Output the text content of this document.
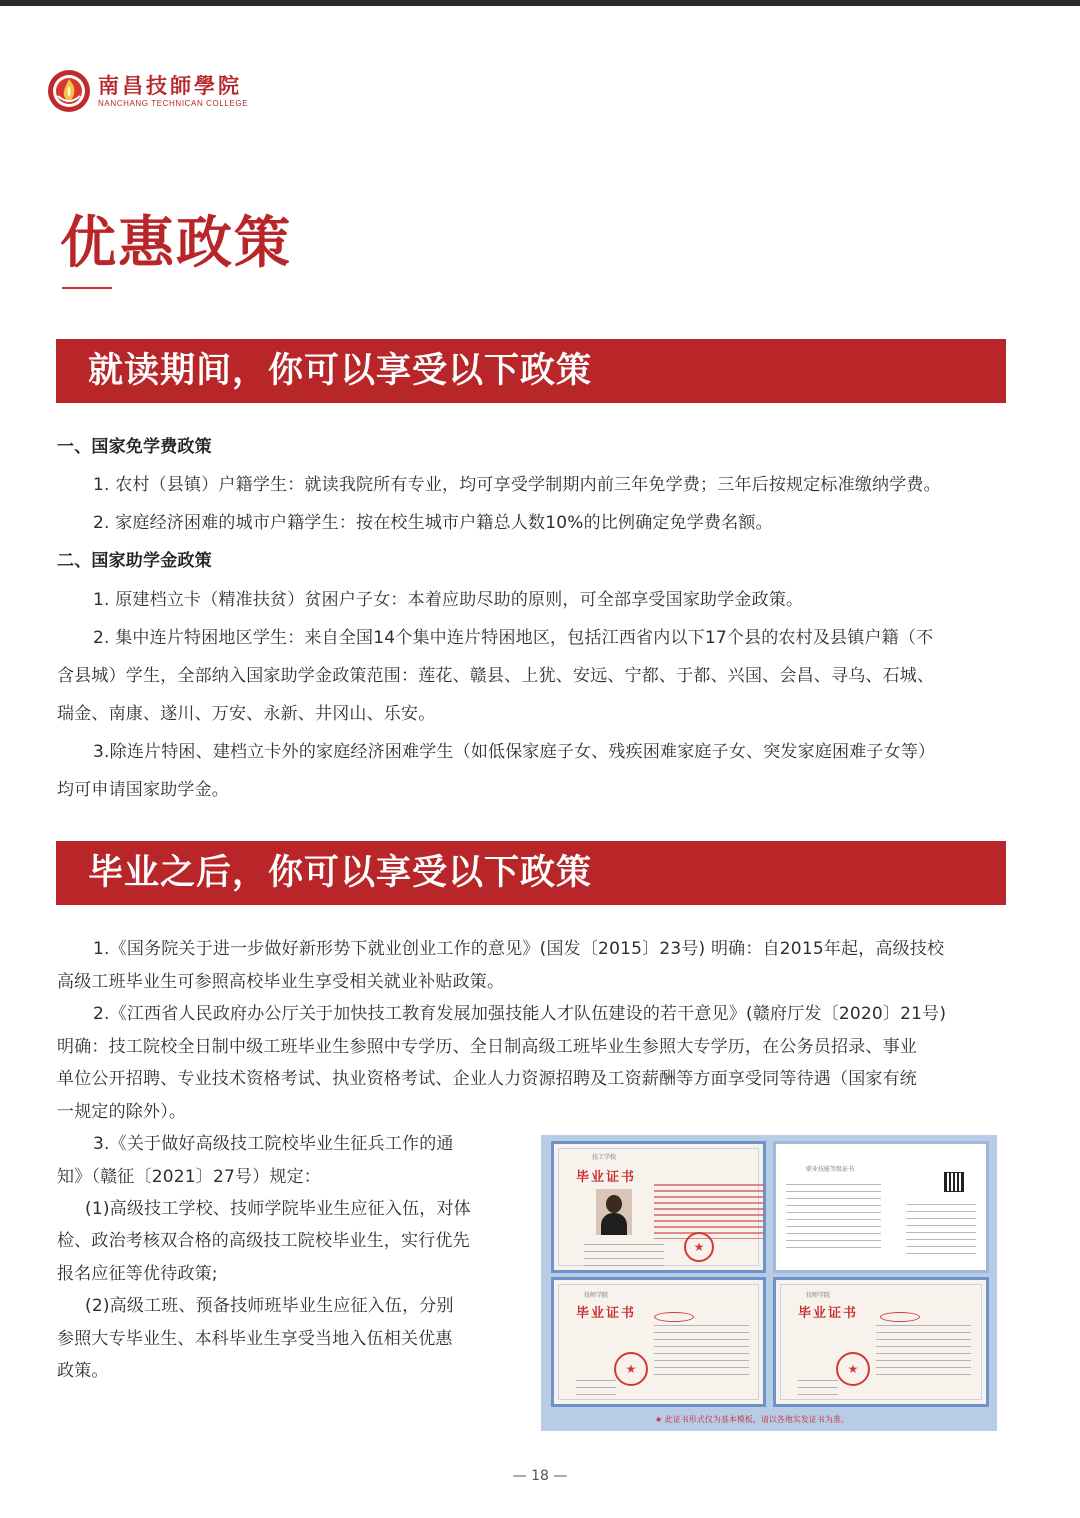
南昌技師學院
NANCHANG TECHNICAN COLLEGE
优惠政策
就读期间，你可以享受以下政策
一、国家免学费政策
1. 农村（县镇）户籍学生：就读我院所有专业，均可享受学制期内前三年免学费；三年后按规定标准缴纳学费。
2. 家庭经济困难的城市户籍学生：按在校生城市户籍总人数10%的比例确定免学费名额。
二、国家助学金政策
1. 原建档立卡（精准扶贫）贫困户子女：本着应助尽助的原则，可全部享受国家助学金政策。
2. 集中连片特困地区学生：来自全国14个集中连片特困地区，包括江西省内以下17个县的农村及县镇户籍（不
含县城）学生，全部纳入国家助学金政策范围：莲花、赣县、上犹、安远、宁都、于都、兴国、会昌、寻乌、石城、
瑞金、南康、遂川、万安、永新、井冈山、乐安。
3.除连片特困、建档立卡外的家庭经济困难学生（如低保家庭子女、残疾困难家庭子女、突发家庭困难子女等）
均可申请国家助学金。
毕业之后，你可以享受以下政策
1.《国务院关于进一步做好新形势下就业创业工作的意见》(国发〔2015〕23号) 明确：自2015年起，高级技校
高级工班毕业生可参照高校毕业生享受相关就业补贴政策。
2.《江西省人民政府办公厅关于加快技工教育发展加强技能人才队伍建设的若干意见》(赣府厅发〔2020〕21号)
明确：技工院校全日制中级工班毕业生参照中专学历、全日制高级工班毕业生参照大专学历，在公务员招录、事业
单位公开招聘、专业技术资格考试、执业资格考试、企业人力资源招聘及工资薪酬等方面享受同等待遇（国家有统
一规定的除外）。
3.《关于做好高级技工院校毕业生征兵工作的通
知》（赣征〔2021〕27号）规定：
(1)高级技工学校、技师学院毕业生应征入伍，对体
检、政治考核双合格的高级技工院校毕业生，实行优先
报名应征等优待政策;
(2)高级工班、预备技师班毕业生应征入伍，分别
参照大专毕业生、本科毕业生享受当地入伍相关优惠
政策。
技工学校
毕业证书
★
职业技能等级证书
技师学院
毕业证书
★
技师学院
毕业证书
★
★ 此证书形式仅为基本模板，请以各地实发证书为准。
— 18 —
